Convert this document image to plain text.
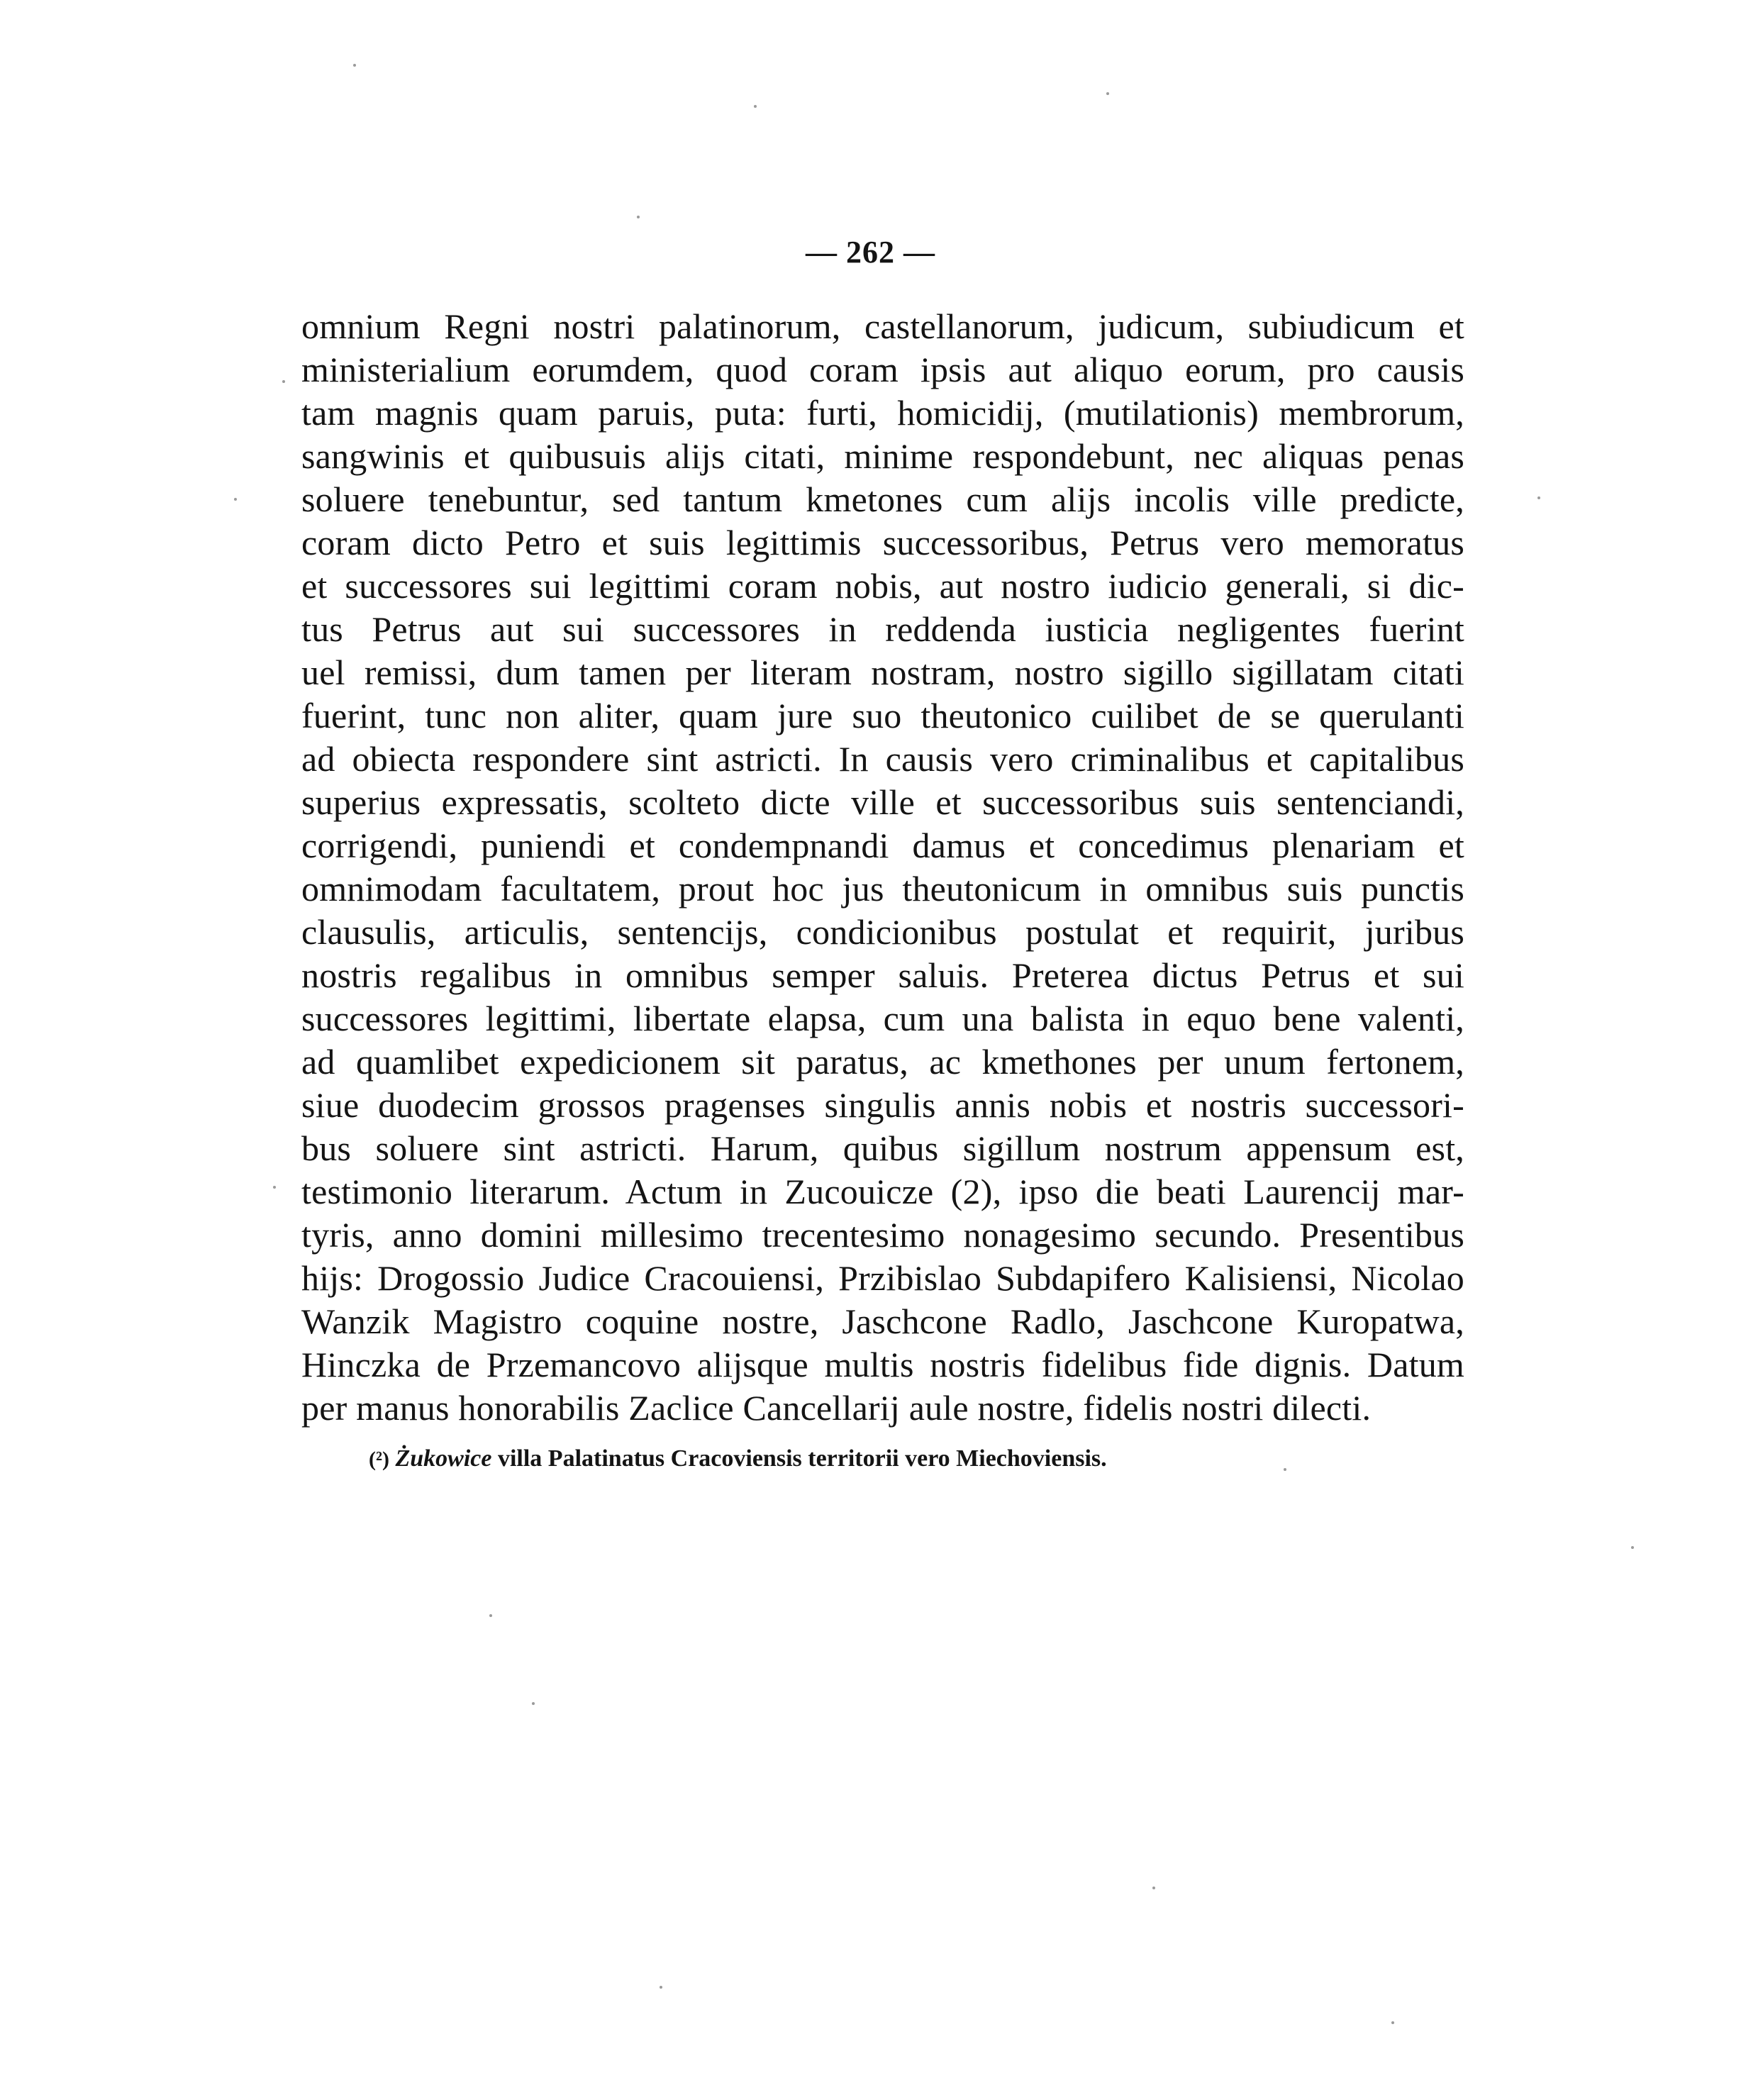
— 262 —
omnium Regni nostri palatinorum, castellanorum, judicum, subiudicum et
ministerialium eorumdem, quod coram ipsis aut aliquo eorum, pro causis
tam magnis quam paruis, puta: furti, homicidij, (mutilationis) membrorum,
sangwinis et quibusuis alijs citati, minime respondebunt, nec aliquas penas
soluere tenebuntur, sed tantum kmetones cum alijs incolis ville predicte,
coram dicto Petro et suis legittimis successoribus, Petrus vero memoratus
et successores sui legittimi coram nobis, aut nostro iudicio generali, si dic-
tus Petrus aut sui successores in reddenda iusticia negligentes fuerint
uel remissi, dum tamen per literam nostram, nostro sigillo sigillatam citati
fuerint, tunc non aliter, quam jure suo theutonico cuilibet de se querulanti
ad obiecta respondere sint astricti. In causis vero criminalibus et capitalibus
superius expressatis, scolteto dicte ville et successoribus suis sentenciandi,
corrigendi, puniendi et condempnandi damus et concedimus plenariam et
omnimodam facultatem, prout hoc jus theutonicum in omnibus suis punctis
clausulis, articulis, sentencijs, condicionibus postulat et requirit, juribus
nostris regalibus in omnibus semper saluis. Preterea dictus Petrus et sui
successores legittimi, libertate elapsa, cum una balista in equo bene valenti,
ad quamlibet expedicionem sit paratus, ac kmethones per unum fertonem,
siue duodecim grossos pragenses singulis annis nobis et nostris successori-
bus soluere sint astricti. Harum, quibus sigillum nostrum appensum est,
testimonio literarum. Actum in Zucouicze (2), ipso die beati Laurencij mar-
tyris, anno domini millesimo trecentesimo nonagesimo secundo. Presentibus
hijs: Drogossio Judice Cracouiensi, Przibislao Subdapifero Kalisiensi, Nicolao
Wanzik Magistro coquine nostre, Jaschcone Radlo, Jaschcone Kuropatwa,
Hinczka de Przemancovo alijsque multis nostris fidelibus fide dignis. Datum
per manus honorabilis Zaclice Cancellarij aule nostre, fidelis nostri dilecti.
(²) Żukowice villa Palatinatus Cracoviensis territorii vero Miechoviensis.
